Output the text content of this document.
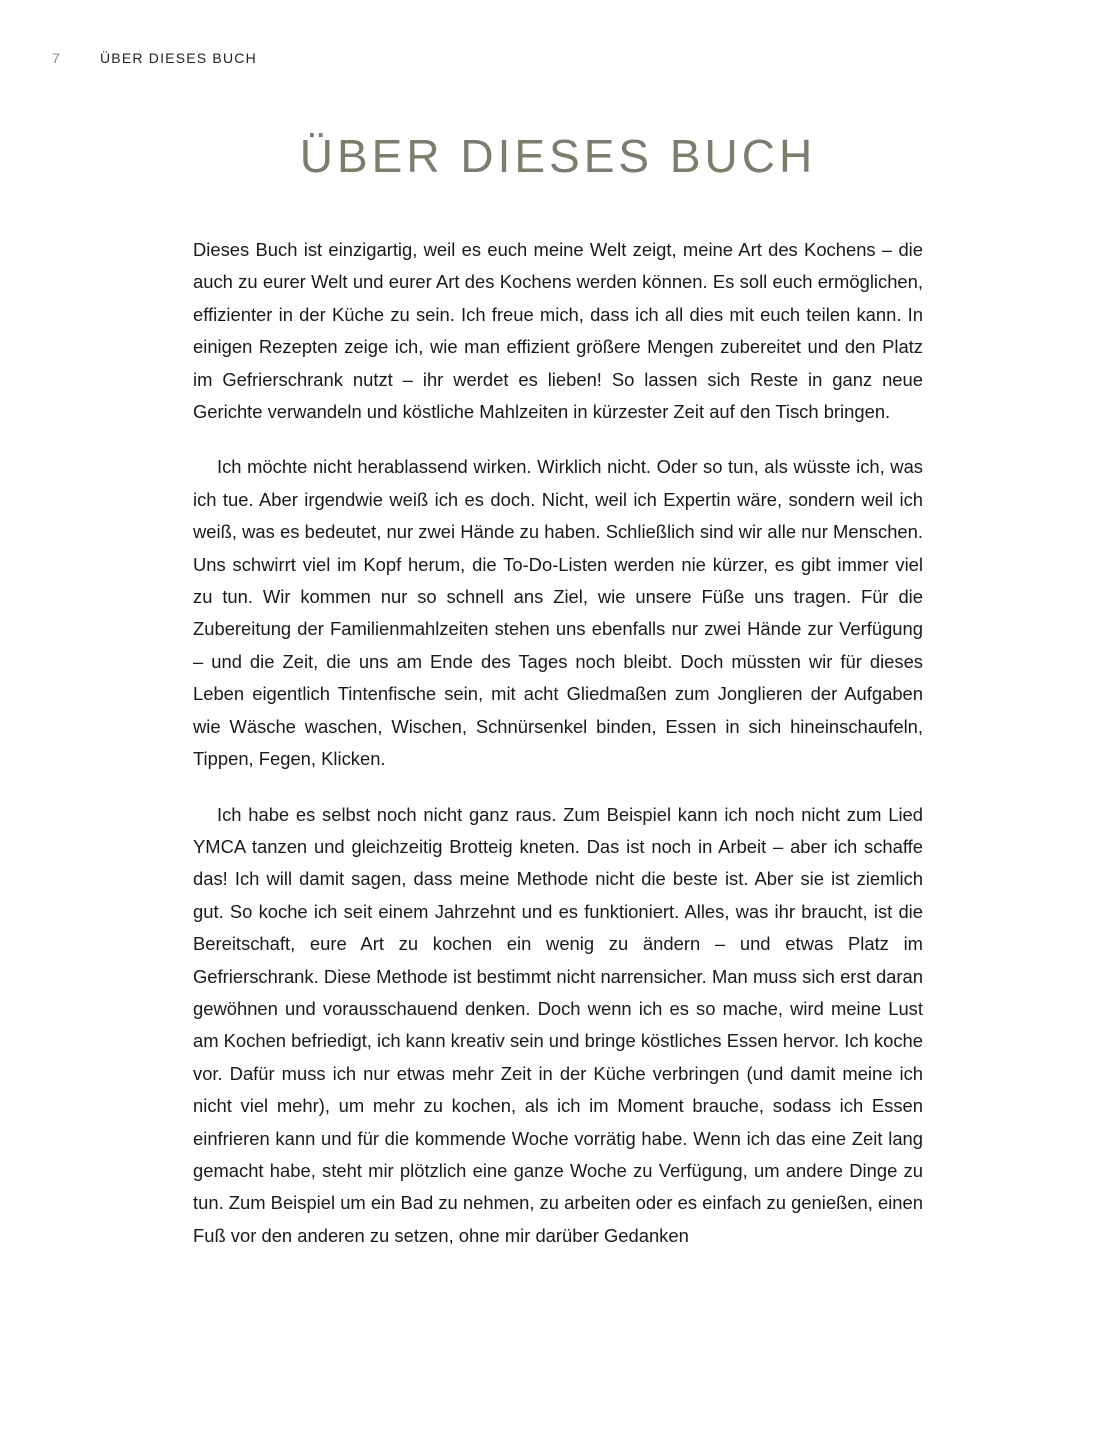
7	ÜBER DIESES BUCH
ÜBER DIESES BUCH

Dieses Buch ist einzigartig, weil es euch meine Welt zeigt, meine Art des Kochens – die auch zu eurer Welt und eurer Art des Kochens werden können. Es soll euch ermöglichen, effizienter in der Küche zu sein. Ich freue mich, dass ich all dies mit euch teilen kann. In einigen Rezepten zeige ich, wie man effizient größere Mengen zubereitet und den Platz im Gefrierschrank nutzt – ihr werdet es lieben! So lassen sich Reste in ganz neue Gerichte verwandeln und köstliche Mahlzeiten in kürzester Zeit auf den Tisch bringen.

Ich möchte nicht herablassend wirken. Wirklich nicht. Oder so tun, als wüsste ich, was ich tue. Aber irgendwie weiß ich es doch. Nicht, weil ich Expertin wäre, sondern weil ich weiß, was es bedeutet, nur zwei Hände zu haben. Schließlich sind wir alle nur Menschen. Uns schwirrt viel im Kopf herum, die To-Do-Listen werden nie kürzer, es gibt immer viel zu tun. Wir kommen nur so schnell ans Ziel, wie unsere Füße uns tragen. Für die Zubereitung der Familienmahlzeiten stehen uns ebenfalls nur zwei Hände zur Verfügung – und die Zeit, die uns am Ende des Tages noch bleibt. Doch müssten wir für dieses Leben eigentlich Tintenfische sein, mit acht Gliedmaßen zum Jonglieren der Aufgaben wie Wäsche waschen, Wischen, Schnürsenkel binden, Essen in sich hineinschaufeln, Tippen, Fegen, Klicken.

Ich habe es selbst noch nicht ganz raus. Zum Beispiel kann ich noch nicht zum Lied YMCA tanzen und gleichzeitig Brotteig kneten. Das ist noch in Arbeit – aber ich schaffe das! Ich will damit sagen, dass meine Methode nicht die beste ist. Aber sie ist ziemlich gut. So koche ich seit einem Jahrzehnt und es funktioniert. Alles, was ihr braucht, ist die Bereitschaft, eure Art zu kochen ein wenig zu ändern – und etwas Platz im Gefrierschrank. Diese Methode ist bestimmt nicht narrensicher. Man muss sich erst daran gewöhnen und vorausschauend denken. Doch wenn ich es so mache, wird meine Lust am Kochen befriedigt, ich kann kreativ sein und bringe köstliches Essen hervor. Ich koche vor. Dafür muss ich nur etwas mehr Zeit in der Küche verbringen (und damit meine ich nicht viel mehr), um mehr zu kochen, als ich im Moment brauche, sodass ich Essen einfrieren kann und für die kommende Woche vorrätig habe. Wenn ich das eine Zeit lang gemacht habe, steht mir plötzlich eine ganze Woche zu Verfügung, um andere Dinge zu tun. Zum Beispiel um ein Bad zu nehmen, zu arbeiten oder es einfach zu genießen, einen Fuß vor den anderen zu setzen, ohne mir darüber Gedanken
